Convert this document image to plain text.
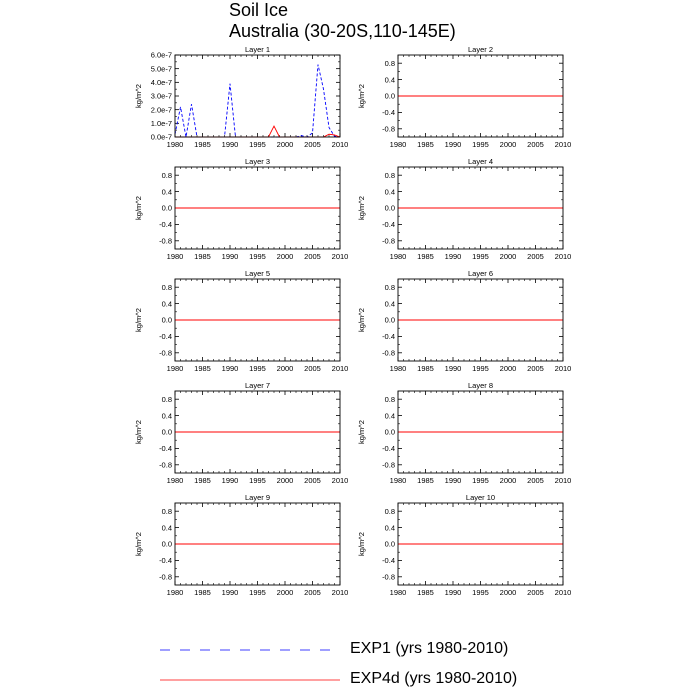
Soil Ice
Australia (30-20S,110-145E)
Layer 1
kg/m^2
1980 1985 1990 1995 2000 2005 2010
0.0e-7
1.0e-7
2.0e-7
3.0e-7
4.0e-7
5.0e-7
6.0e-7
Layer 2
kg/m^2
1980 1985 1990 1995 2000 2005 2010
-0.8
-0.4
0.0
0.4
0.8
Layer 3
kg/m^2
1980 1985 1990 1995 2000 2005 2010
-0.8
-0.4
0.0
0.4
0.8
Layer 4
kg/m^2
1980 1985 1990 1995 2000 2005 2010
-0.8
-0.4
0.0
0.4
0.8
Layer 5
kg/m^2
1980 1985 1990 1995 2000 2005 2010
-0.8
-0.4
0.0
0.4
0.8
Layer 6
kg/m^2
1980 1985 1990 1995 2000 2005 2010
-0.8
-0.4
0.0
0.4
0.8
Layer 7
kg/m^2
1980 1985 1990 1995 2000 2005 2010
-0.8
-0.4
0.0
0.4
0.8
Layer 8
kg/m^2
1980 1985 1990 1995 2000 2005 2010
-0.8
-0.4
0.0
0.4
0.8
Layer 9
kg/m^2
1980 1985 1990 1995 2000 2005 2010
-0.8
-0.4
0.0
0.4
0.8
Layer 10
kg/m^2
1980 1985 1990 1995 2000 2005 2010
-0.8
-0.4
0.0
0.4
0.8
EXP1 (yrs 1980-2010)
EXP4d (yrs 1980-2010)
